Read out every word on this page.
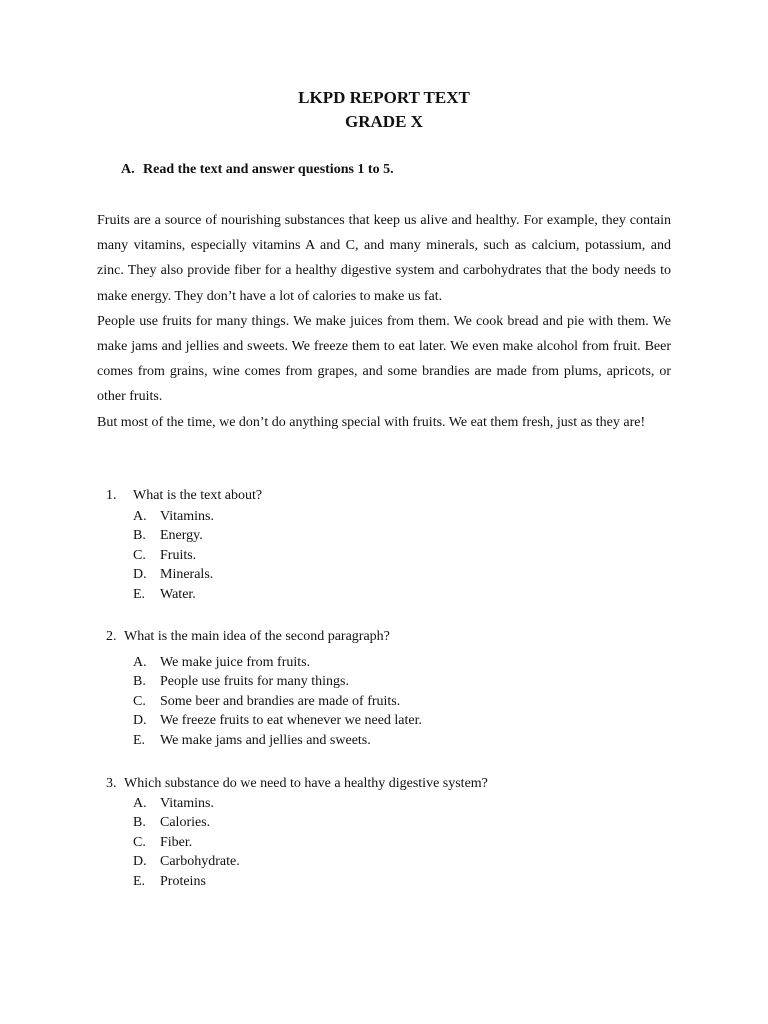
LKPD REPORT TEXT
GRADE X

A. Read the text and answer questions 1 to 5.

Fruits are a source of nourishing substances that keep us alive and healthy. For example, they contain many vitamins, especially vitamins A and C, and many minerals, such as calcium, potassium, and zinc. They also provide fiber for a healthy digestive system and carbohydrates that the body needs to make energy. They don’t have a lot of calories to make us fat.

People use fruits for many things. We make juices from them. We cook bread and pie with them. We make jams and jellies and sweets. We freeze them to eat later. We even make alcohol from fruit. Beer comes from grains, wine comes from grapes, and some brandies are made from plums, apricots, or other fruits.

But most of the time, we don’t do anything special with fruits. We eat them fresh, just as they are!

1. What is the text about?

A. Vitamins.
B. Energy.
C. Fruits.
D. Minerals.
E. Water.

2. What is the main idea of the second paragraph?

A. We make juice from fruits.
B. People use fruits for many things.
C. Some beer and brandies are made of fruits.
D. We freeze fruits to eat whenever we need later.
E. We make jams and jellies and sweets.

3. Which substance do we need to have a healthy digestive system?

A. Vitamins.
B. Calories.
C. Fiber.
D. Carbohydrate.
E. Proteins
